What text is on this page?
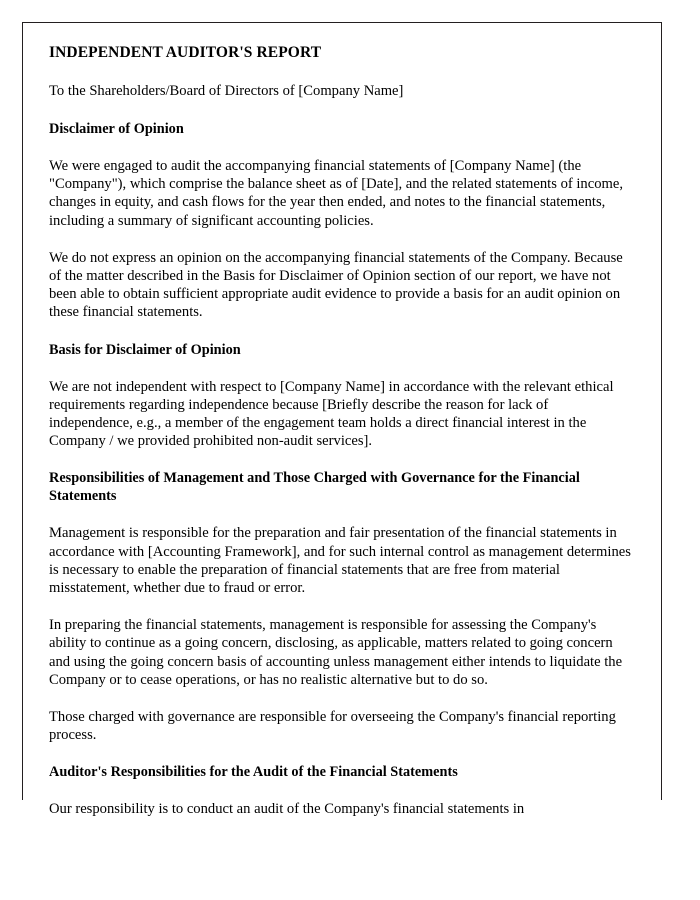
INDEPENDENT AUDITOR'S REPORT

To the Shareholders/Board of Directors of [Company Name]

Disclaimer of Opinion

We were engaged to audit the accompanying financial statements of [Company Name] (the "Company"), which comprise the balance sheet as of [Date], and the related statements of income, changes in equity, and cash flows for the year then ended, and notes to the financial statements, including a summary of significant accounting policies.

We do not express an opinion on the accompanying financial statements of the Company. Because of the matter described in the Basis for Disclaimer of Opinion section of our report, we have not been able to obtain sufficient appropriate audit evidence to provide a basis for an audit opinion on these financial statements.

Basis for Disclaimer of Opinion

We are not independent with respect to [Company Name] in accordance with the relevant ethical requirements regarding independence because [Briefly describe the reason for lack of independence, e.g., a member of the engagement team holds a direct financial interest in the Company / we provided prohibited non-audit services].

Responsibilities of Management and Those Charged with Governance for the Financial Statements

Management is responsible for the preparation and fair presentation of the financial statements in accordance with [Accounting Framework], and for such internal control as management determines is necessary to enable the preparation of financial statements that are free from material misstatement, whether due to fraud or error.

In preparing the financial statements, management is responsible for assessing the Company's ability to continue as a going concern, disclosing, as applicable, matters related to going concern and using the going concern basis of accounting unless management either intends to liquidate the Company or to cease operations, or has no realistic alternative but to do so.

Those charged with governance are responsible for overseeing the Company's financial reporting process.

Auditor's Responsibilities for the Audit of the Financial Statements

Our responsibility is to conduct an audit of the Company's financial statements in
